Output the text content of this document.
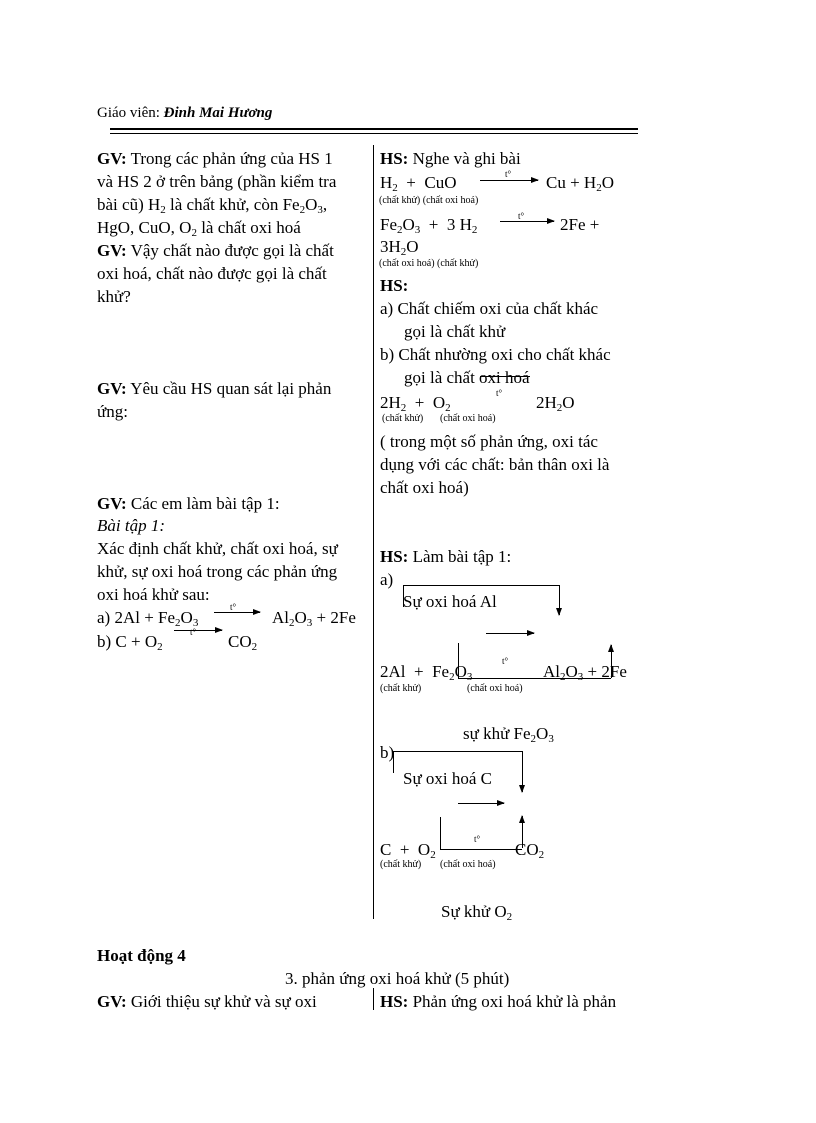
Giáo viên: Đinh Mai Hương
GV: Trong các phản ứng của HS 1
và HS 2 ở trên bảng (phần kiểm tra
bài cũ) $H_2$ là chất khử, còn $Fe_2O_3$,
HgO, CuO, $O_2$ là chất oxi hoá
GV: Vậy chất nào được gọi là chất
oxi hoá, chất nào được gọi là chất
khử?
GV: Yêu cầu HS quan sát lại phản
ứng:
GV: Các em làm bài tập 1:
Bài tập 1:
Xác định chất khử, chất oxi hoá, sự
khử, sự oxi hoá trong các phản ứng
oxi hoá khử sau:
a) $2Al + Fe_2O_3$
t°
→ $Al_2O_3 + 2Fe$
b) $C + O_2$
t° $CO_2$
HS: Nghe và ghi bài
$H_2$  +  CuO	$t^\circ \to Cu + H_2O$
(chất khử) (chất oxi hoá)
$Fe_2O_3 + 3$ $H_2$
t° → 2Fe +
$3H_2O$
(chất oxi hoá) (chất khử)
HS:
a) Chất chiếm oxi của chất khác
gọi là chất khử
b) Chất nhường oxi cho chất khác
gọi là chất oxi hoá
$2H_2 + O_2$
t° $2H_2O$
(chất khử) (chất oxi hoá)
( trong một số phản ứng, oxi tác
dụng với các chất: bản thân oxi là
chất oxi hoá)
HS: Làm bài tập 1:
a)
Sự oxi hoá Al
$2Al + Fe_2O_3$
t°
$Al_2O_3 + 2Fe$
(chất khử)	(chất oxi hoá)
sự khử $Fe_2O_3$
b)
Sự oxi hoá C
$C + O_2$
t°
$CO_2$
(chất khử) (chất oxi hoá)
Sự khử $O_2$
Hoạt động 4
3. phản ứng oxi hoá khử (5 phút)
GV: Giới thiệu sự khử và sự oxi	HS: Phản ứng oxi hoá khử là phản
